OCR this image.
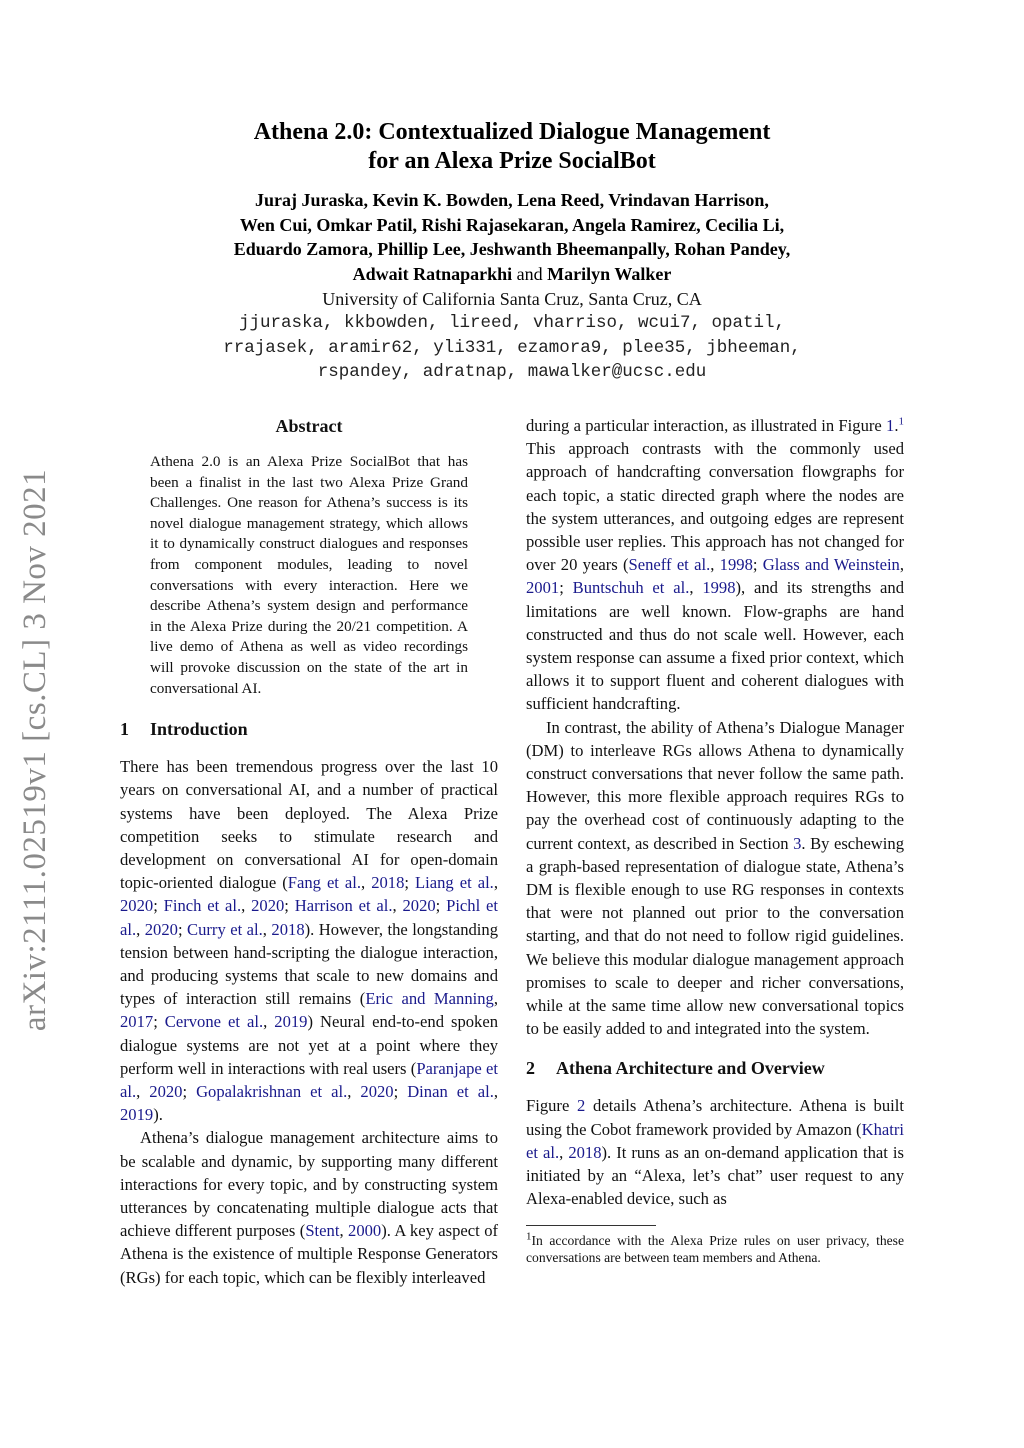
arXiv:2111.02519v1 [cs.CL] 3 Nov 2021
Athena 2.0: Contextualized Dialogue Management
for an Alexa Prize SocialBot
Juraj Juraska, Kevin K. Bowden, Lena Reed, Vrindavan Harrison,
Wen Cui, Omkar Patil, Rishi Rajasekaran, Angela Ramirez, Cecilia Li,
Eduardo Zamora, Phillip Lee, Jeshwanth Bheemanpally, Rohan Pandey,
Adwait Ratnaparkhi and Marilyn Walker
University of California Santa Cruz, Santa Cruz, CA
jjuraska, kkbowden, lireed, vharriso, wcui7, opatil,
rrajasek, aramir62, yli331, ezamora9, plee35, jbheeman,
rspandey, adratnap, mawalker@ucsc.edu
Abstract

Athena 2.0 is an Alexa Prize SocialBot that has been a finalist in the last two Alexa Prize Grand Challenges. One reason for Athena’s success is its novel dialogue management strategy, which allows it to dynamically construct dialogues and responses from component modules, leading to novel conversations with every interaction. Here we describe Athena’s system design and performance in the Alexa Prize during the 20/21 competition. A live demo of Athena as well as video recordings will provoke discussion on the state of the art in conversational AI.

1 Introduction

There has been tremendous progress over the last 10 years on conversational AI, and a number of practical systems have been deployed. The Alexa Prize competition seeks to stimulate research and development on conversational AI for open-domain topic-oriented dialogue (Fang et al., 2018; Liang et al., 2020; Finch et al., 2020; Harrison et al., 2020; Pichl et al., 2020; Curry et al., 2018). However, the longstanding tension between hand-scripting the dialogue interaction, and producing systems that scale to new domains and types of interaction still remains (Eric and Manning, 2017; Cervone et al., 2019) Neural end-to-end spoken dialogue systems are not yet at a point where they perform well in interactions with real users (Paranjape et al., 2020; Gopalakrishnan et al., 2020; Dinan et al., 2019).

Athena’s dialogue management architecture aims to be scalable and dynamic, by supporting many different interactions for every topic, and by constructing system utterances by concatenating multiple dialogue acts that achieve different purposes (Stent, 2000). A key aspect of Athena is the existence of multiple Response Generators (RGs) for each topic, which can be flexibly interleaved

during a particular interaction, as illustrated in Figure 1.$^1$ This approach contrasts with the commonly used approach of handcrafting conversation flowgraphs for each topic, a static directed graph where the nodes are the system utterances, and outgoing edges are represent possible user replies. This approach has not changed for over 20 years (Seneff et al., 1998; Glass and Weinstein, 2001; Buntschuh et al., 1998), and its strengths and limitations are well known. Flow-graphs are hand constructed and thus do not scale well. However, each system response can assume a fixed prior context, which allows it to support fluent and coherent dialogues with sufficient handcrafting.

In contrast, the ability of Athena’s Dialogue Manager (DM) to interleave RGs allows Athena to dynamically construct conversations that never follow the same path. However, this more flexible approach requires RGs to pay the overhead cost of continuously adapting to the current context, as described in Section 3. By eschewing a graph-based representation of dialogue state, Athena’s DM is flexible enough to use RG responses in contexts that were not planned out prior to the conversation starting, and that do not need to follow rigid guidelines. We believe this modular dialogue management approach promises to scale to deeper and richer conversations, while at the same time allow new conversational topics to be easily added to and integrated into the system.

2 Athena Architecture and Overview

Figure 2 details Athena’s architecture. Athena is built using the Cobot framework provided by Amazon (Khatri et al., 2018). It runs as an on-demand application that is initiated by an “Alexa, let’s chat” user request to any Alexa-enabled device, such as

$^1$In accordance with the Alexa Prize rules on user privacy, these conversations are between team members and Athena.
